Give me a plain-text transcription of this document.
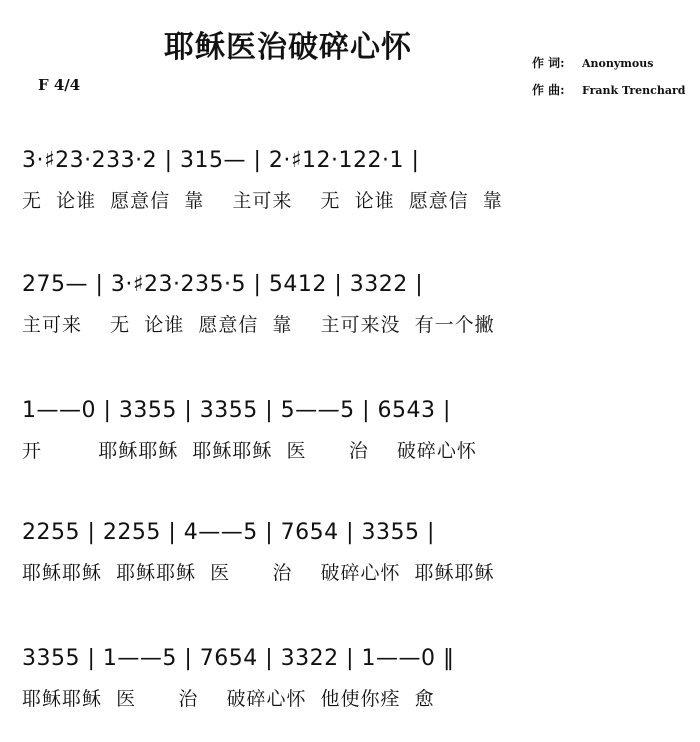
耶稣医治破碎心怀	作 词: Anonymous
作 曲: Frank Trenchard
F 4/4
3·♯23·233·2 | 315— | 2·♯12·122·1 |
无  论谁  愿意信  靠    主可来    无  论谁  愿意信  靠
275— | 3·♯23·235·5 | 5412 | 3322 |
主可来    无  论谁  愿意信  靠    主可来没  有一个撇
1——0 | 3355 | 3355 | 5——5 | 6543 |
开        耶稣耶稣  耶稣耶稣  医      治    破碎心怀
2255 | 2255 | 4——5 | 7654 | 3355 |
耶稣耶稣  耶稣耶稣  医      治    破碎心怀  耶稣耶稣
3355 | 1——5 | 7654 | 3322 | 1——0 ‖
耶稣耶稣  医      治    破碎心怀  他使你痊  愈
